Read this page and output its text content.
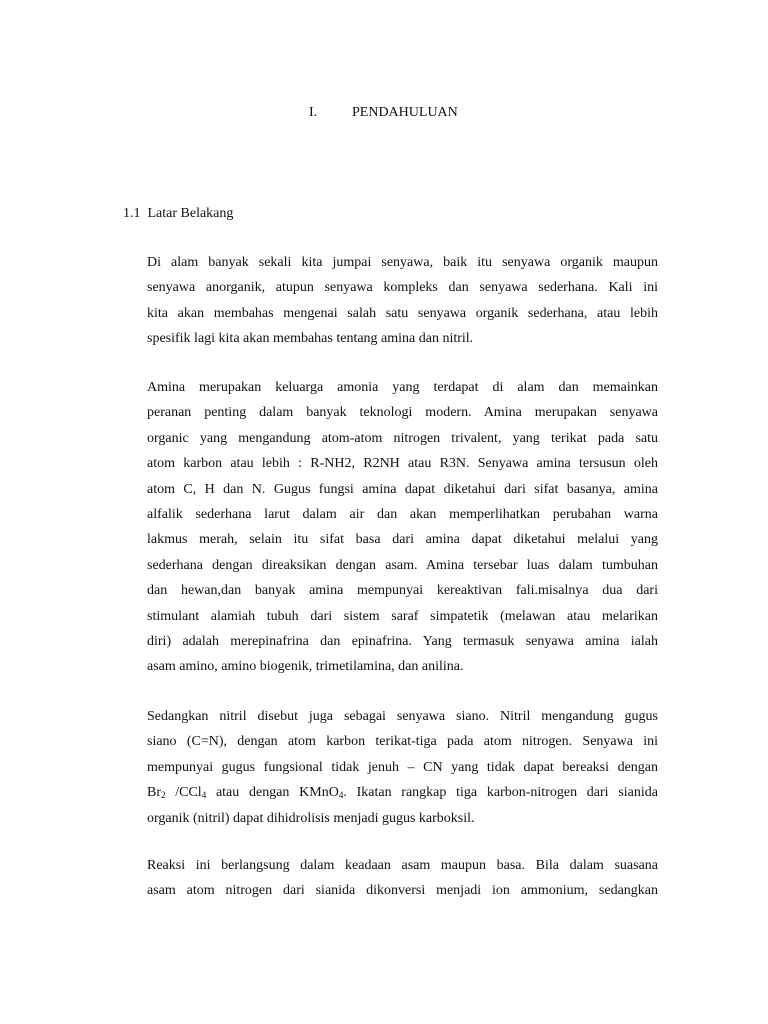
I. PENDAHULUAN
1.1  Latar Belakang

Di alam banyak sekali kita jumpai senyawa, baik itu senyawa organik maupun
senyawa anorganik, atupun senyawa kompleks dan senyawa sederhana. Kali ini
kita akan membahas mengenai salah satu senyawa organik sederhana, atau lebih
spesifik lagi kita akan membahas tentang amina dan nitril.

Amina merupakan keluarga amonia yang terdapat di alam dan memainkan
peranan penting dalam banyak teknologi modern. Amina merupakan senyawa
organic yang mengandung atom-atom nitrogen trivalent, yang terikat pada satu
atom karbon atau lebih : R-NH2, R2NH atau R3N. Senyawa amina tersusun oleh
atom C, H dan N. Gugus fungsi amina dapat diketahui dari sifat basanya, amina
alfalik sederhana larut dalam air dan akan memperlihatkan perubahan warna
lakmus merah, selain itu sifat basa dari amina dapat diketahui melalui yang
sederhana dengan direaksikan dengan asam. Amina tersebar luas dalam tumbuhan
dan hewan,dan banyak amina mempunyai kereaktivan fali.misalnya dua dari
stimulant alamiah tubuh dari sistem saraf simpatetik (melawan atau melarikan
diri) adalah merepinafrina dan epinafrina. Yang termasuk senyawa amina ialah
asam amino, amino biogenik, trimetilamina, dan anilina.

Sedangkan nitril disebut juga sebagai senyawa siano. Nitril mengandung gugus
siano (C=N), dengan atom karbon terikat-tiga pada atom nitrogen. Senyawa ini
mempunyai gugus fungsional tidak jenuh – CN yang tidak dapat bereaksi dengan
$Br_2$ /CCl$_4$ atau dengan KMnO$_4$. Ikatan rangkap tiga karbon-nitrogen dari sianida
organik (nitril) dapat dihidrolisis menjadi gugus karboksil.

Reaksi ini berlangsung dalam keadaan asam maupun basa. Bila dalam suasana
asam atom nitrogen dari sianida dikonversi menjadi ion ammonium, sedangkan
